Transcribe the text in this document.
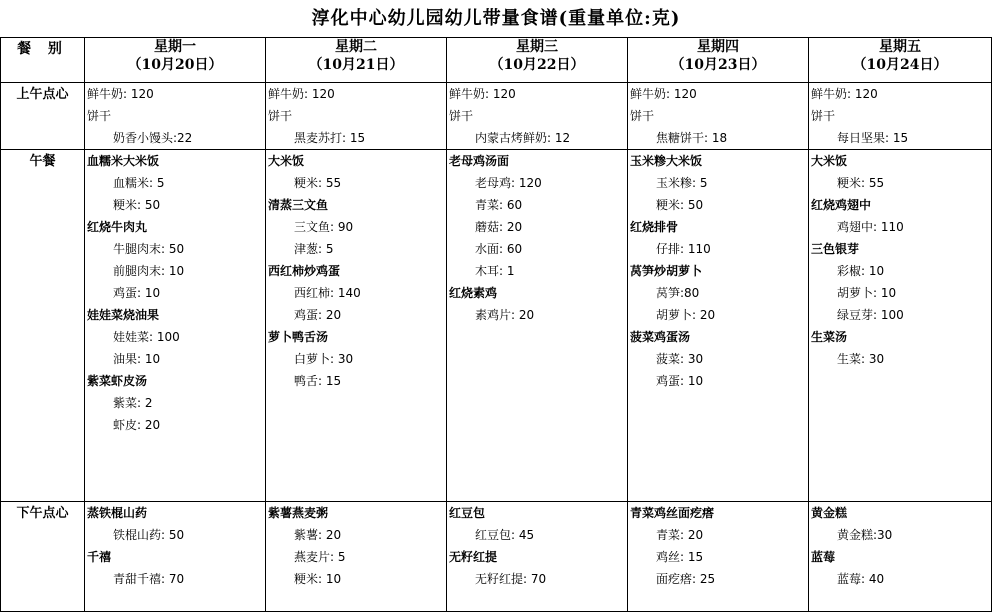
淳化中心幼儿园幼儿带量食谱(重量单位:克)
餐 别	星期一
（10月20日）

星期二
（10月21日）

星期三
（10月22日）

星期四
（10月23日）

星期五
（10月24日）

上午点心	鲜牛奶: 120
饼干
奶香小馒头:22

鲜牛奶: 120
饼干
黑麦苏打: 15

鲜牛奶: 120
饼干
内蒙古烤鲜奶: 12

鲜牛奶: 120
饼干
焦糖饼干: 18

鲜牛奶: 120
饼干
每日坚果: 15

午餐	血糯米大米饭
血糯米: 5
粳米: 50
红烧牛肉丸
牛腿肉末: 50
前腿肉末: 10
鸡蛋: 10
娃娃菜烧油果
娃娃菜: 100
油果: 10
紫菜虾皮汤
紫菜: 2
虾皮: 20

大米饭
粳米: 55
清蒸三文鱼
三文鱼: 90
津葱: 5
西红柿炒鸡蛋
西红柿: 140
鸡蛋: 20
萝卜鸭舌汤
白萝卜: 30
鸭舌: 15

老母鸡汤面
老母鸡: 120
青菜: 60
蘑菇: 20
水面: 60
木耳: 1
红烧素鸡
素鸡片: 20

玉米糁大米饭
玉米糁: 5
粳米: 50
红烧排骨
仔排: 110
莴笋炒胡萝卜
莴笋:80
胡萝卜: 20
菠菜鸡蛋汤
菠菜: 30
鸡蛋: 10

大米饭
粳米: 55
红烧鸡翅中
鸡翅中: 110
三色银芽
彩椒: 10
胡萝卜: 10
绿豆芽: 100
生菜汤
生菜: 30

下午点心	蒸铁棍山药
铁棍山药: 50
千禧
青甜千禧: 70

紫薯燕麦粥
紫薯: 20
燕麦片: 5
粳米: 10

红豆包
红豆包: 45
无籽红提
无籽红提: 70

青菜鸡丝面疙瘩
青菜: 20
鸡丝: 15
面疙瘩: 25

黄金糕
黄金糕:30
蓝莓
蓝莓: 40
